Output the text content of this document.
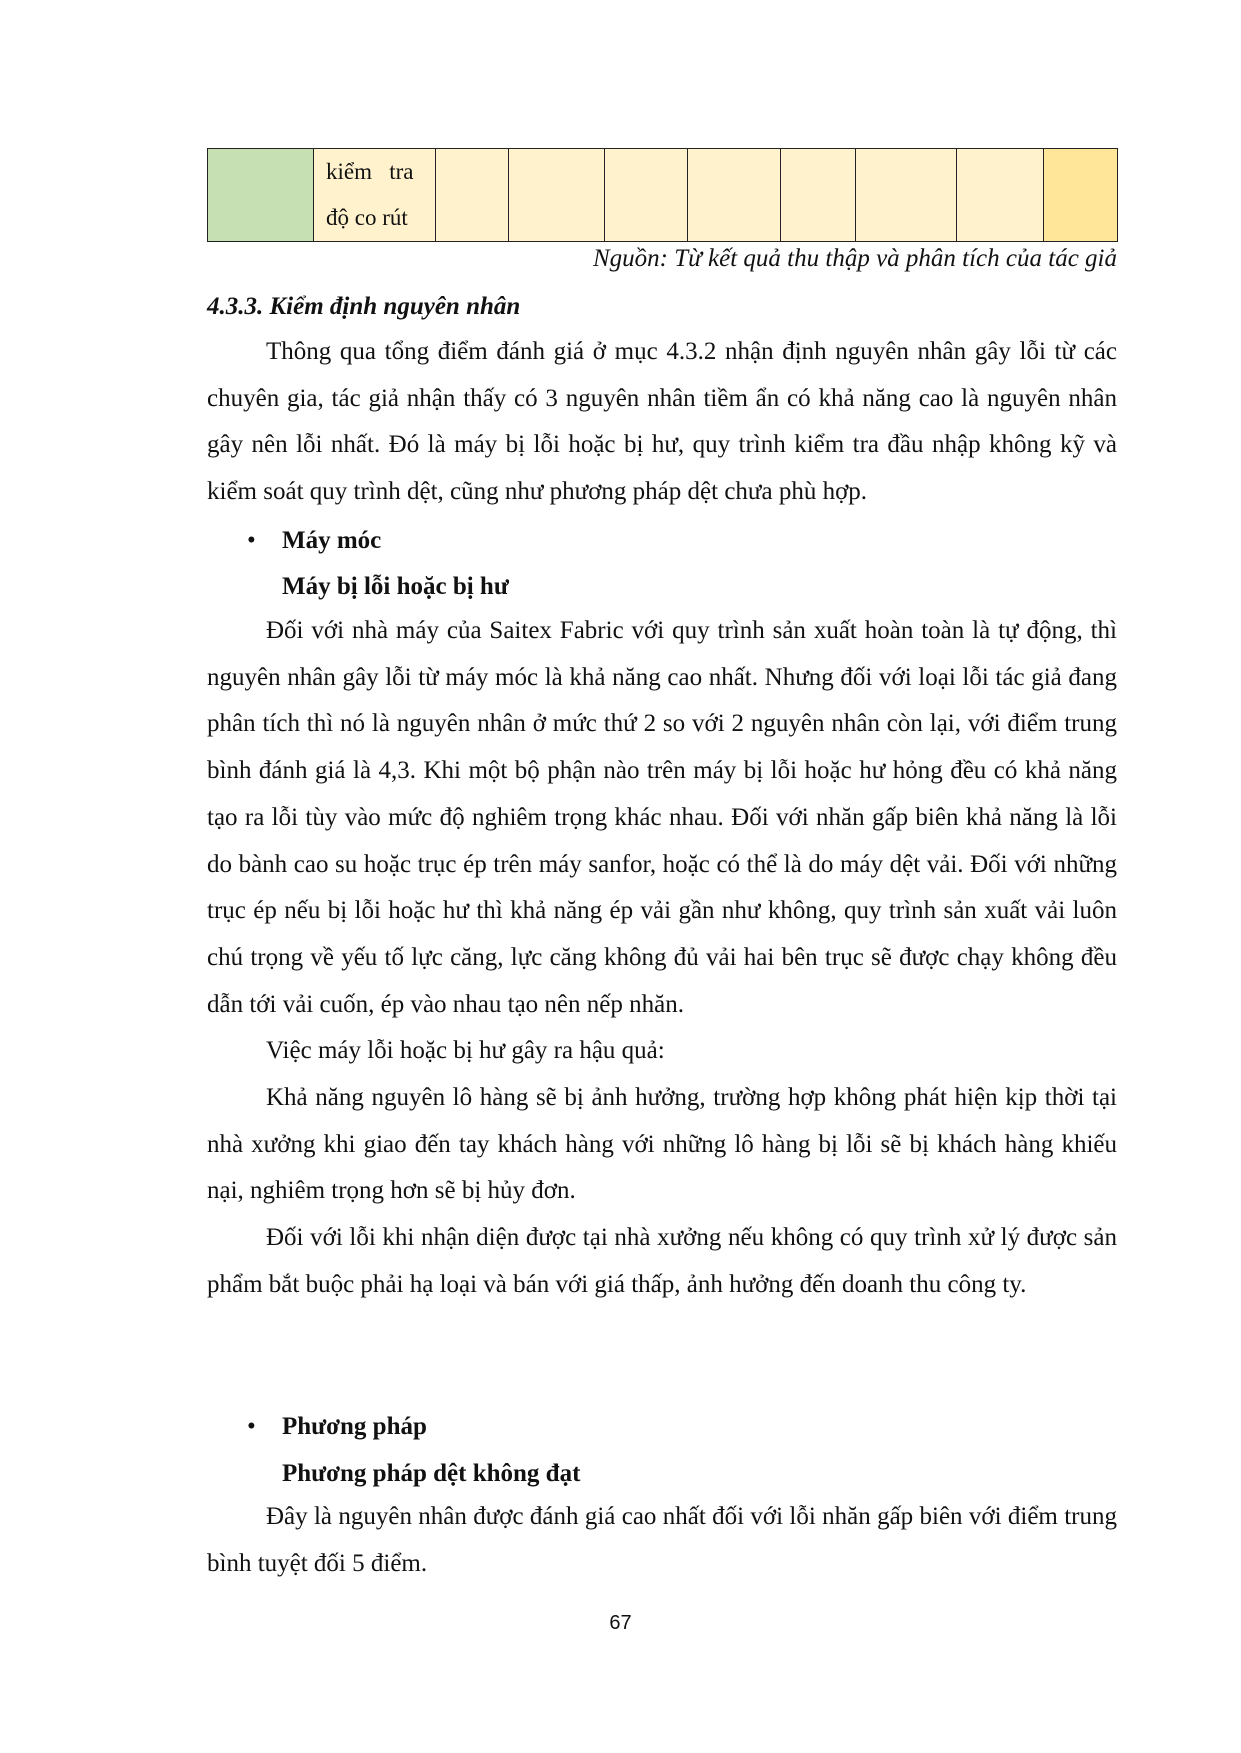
kiểm   tra
độ co rút

Nguồn: Từ kết quả thu thập và phân tích của tác giả
4.3.3. Kiểm định nguyên nhân

Thông qua tổng điểm đánh giá ở mục 4.3.2 nhận định nguyên nhân gây lỗi từ các chuyên gia, tác giả nhận thấy có 3 nguyên nhân tiềm ẩn có khả năng cao là nguyên nhân gây nên lỗi nhất. Đó là máy bị lỗi hoặc bị hư, quy trình kiểm tra đầu nhập không kỹ và kiểm soát quy trình dệt, cũng như phương pháp dệt chưa phù hợp.

• Máy móc
Máy bị lỗi hoặc bị hư

Đối với nhà máy của Saitex Fabric với quy trình sản xuất hoàn toàn là tự động, thì nguyên nhân gây lỗi từ máy móc là khả năng cao nhất. Nhưng đối với loại lỗi tác giả đang phân tích thì nó là nguyên nhân ở mức thứ 2 so với 2 nguyên nhân còn lại, với điểm trung bình đánh giá là 4,3. Khi một bộ phận nào trên máy bị lỗi hoặc hư hỏng đều có khả năng tạo ra lỗi tùy vào mức độ nghiêm trọng khác nhau. Đối với nhăn gấp biên khả năng là lỗi do bành cao su hoặc trục ép trên máy sanfor, hoặc có thể là do máy dệt vải. Đối với những trục ép nếu bị lỗi hoặc hư thì khả năng ép vải gần như không, quy trình sản xuất vải luôn chú trọng về yếu tố lực căng, lực căng không đủ vải hai bên trục sẽ được chạy không đều dẫn tới vải cuốn, ép vào nhau tạo nên nếp nhăn.

Việc máy lỗi hoặc bị hư gây ra hậu quả:

Khả năng nguyên lô hàng sẽ bị ảnh hưởng, trường hợp không phát hiện kịp thời tại nhà xưởng khi giao đến tay khách hàng với những lô hàng bị lỗi sẽ bị khách hàng khiếu nại, nghiêm trọng hơn sẽ bị hủy đơn.

Đối với lỗi khi nhận diện được tại nhà xưởng nếu không có quy trình xử lý được sản phẩm bắt buộc phải hạ loại và bán với giá thấp, ảnh hưởng đến doanh thu công ty.

• Phương pháp
Phương pháp dệt không đạt

Đây là nguyên nhân được đánh giá cao nhất đối với lỗi nhăn gấp biên với điểm trung bình tuyệt đối 5 điểm.

67
